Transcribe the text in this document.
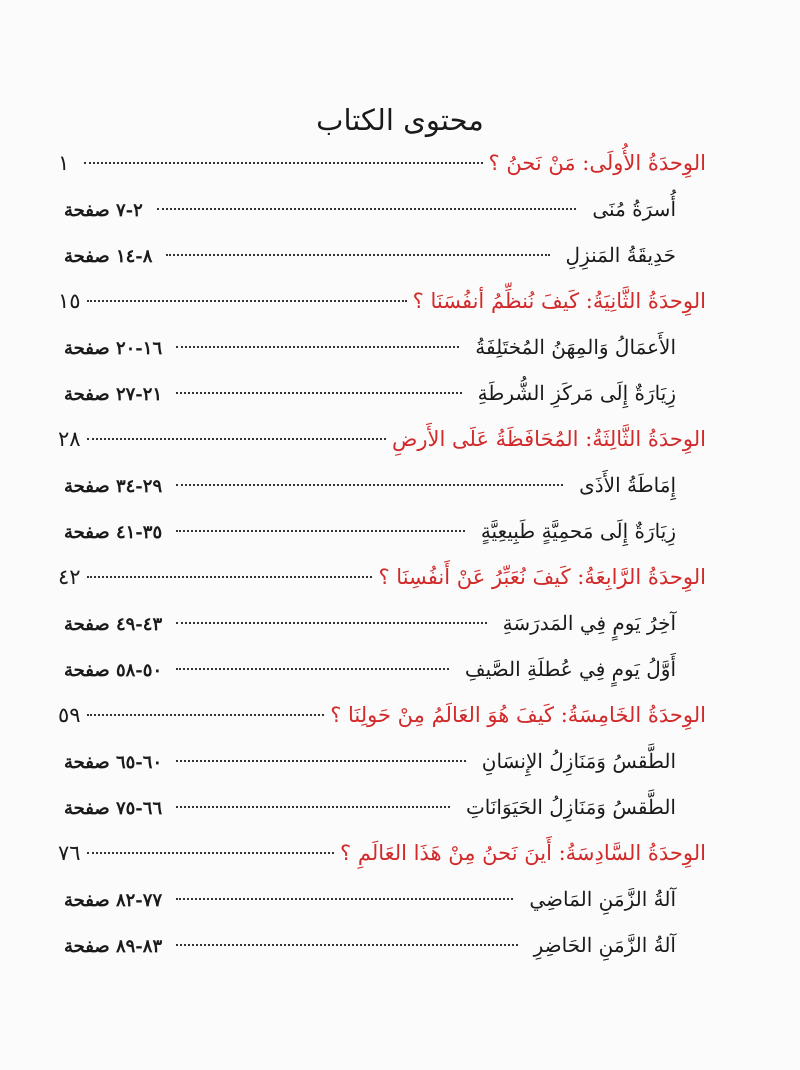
محتوى الكتاب
الوِحدَةُ الأُولَى: مَنْ نَحنُ ؟
١
أُسرَةُ مُنَى
٢-٧ صفحة
حَدِيقَةُ المَنزِلِ
٨-١٤ صفحة
الوِحدَةُ الثَّانِيَةُ: كَيفَ نُنظِّمُ أنفُسَنَا ؟
١٥
الأَعمَالُ وَالمِهَنُ المُختَلِفَةُ
١٦-٢٠ صفحة
زِيَارَةٌ إِلَى مَركَزِ الشُّرطَةِ
٢١-٢٧ صفحة
الوِحدَةُ الثَّالِثَةُ: المُحَافَظَةُ عَلَى الأَرضِ
٢٨
إِمَاطَةُ الأَذَى
٢٩-٣٤ صفحة
زِيَارَةٌ إِلَى مَحمِيَّةٍ طَبِيعِيَّةٍ
٣٥-٤١ صفحة
الوِحدَةُ الرَّابِعَةُ: كَيفَ نُعَبِّرُ عَنْ أَنفُسِنَا ؟
٤٢
آخِرُ يَومٍ فِي المَدرَسَةِ
٤٣-٤٩ صفحة
أَوَّلُ يَومٍ فِي عُطلَةِ الصَّيفِ
٥٠-٥٨ صفحة
الوِحدَةُ الخَامِسَةُ: كَيفَ هُوَ العَالَمُ مِنْ حَولِنَا ؟
٥٩
الطَّقسُ وَمَنَازِلُ الإِنسَانِ
٦٠-٦٥ صفحة
الطَّقسُ وَمَنَازِلُ الحَيَوَانَاتِ
٦٦-٧٥ صفحة
الوِحدَةُ السَّادِسَةُ: أَينَ نَحنُ مِنْ هَذَا العَالَمِ ؟
٧٦
آلةُ الزَّمَنِ المَاضِي
٧٧-٨٢ صفحة
آلةُ الزَّمَنِ الحَاضِرِ
٨٣-٨٩ صفحة
